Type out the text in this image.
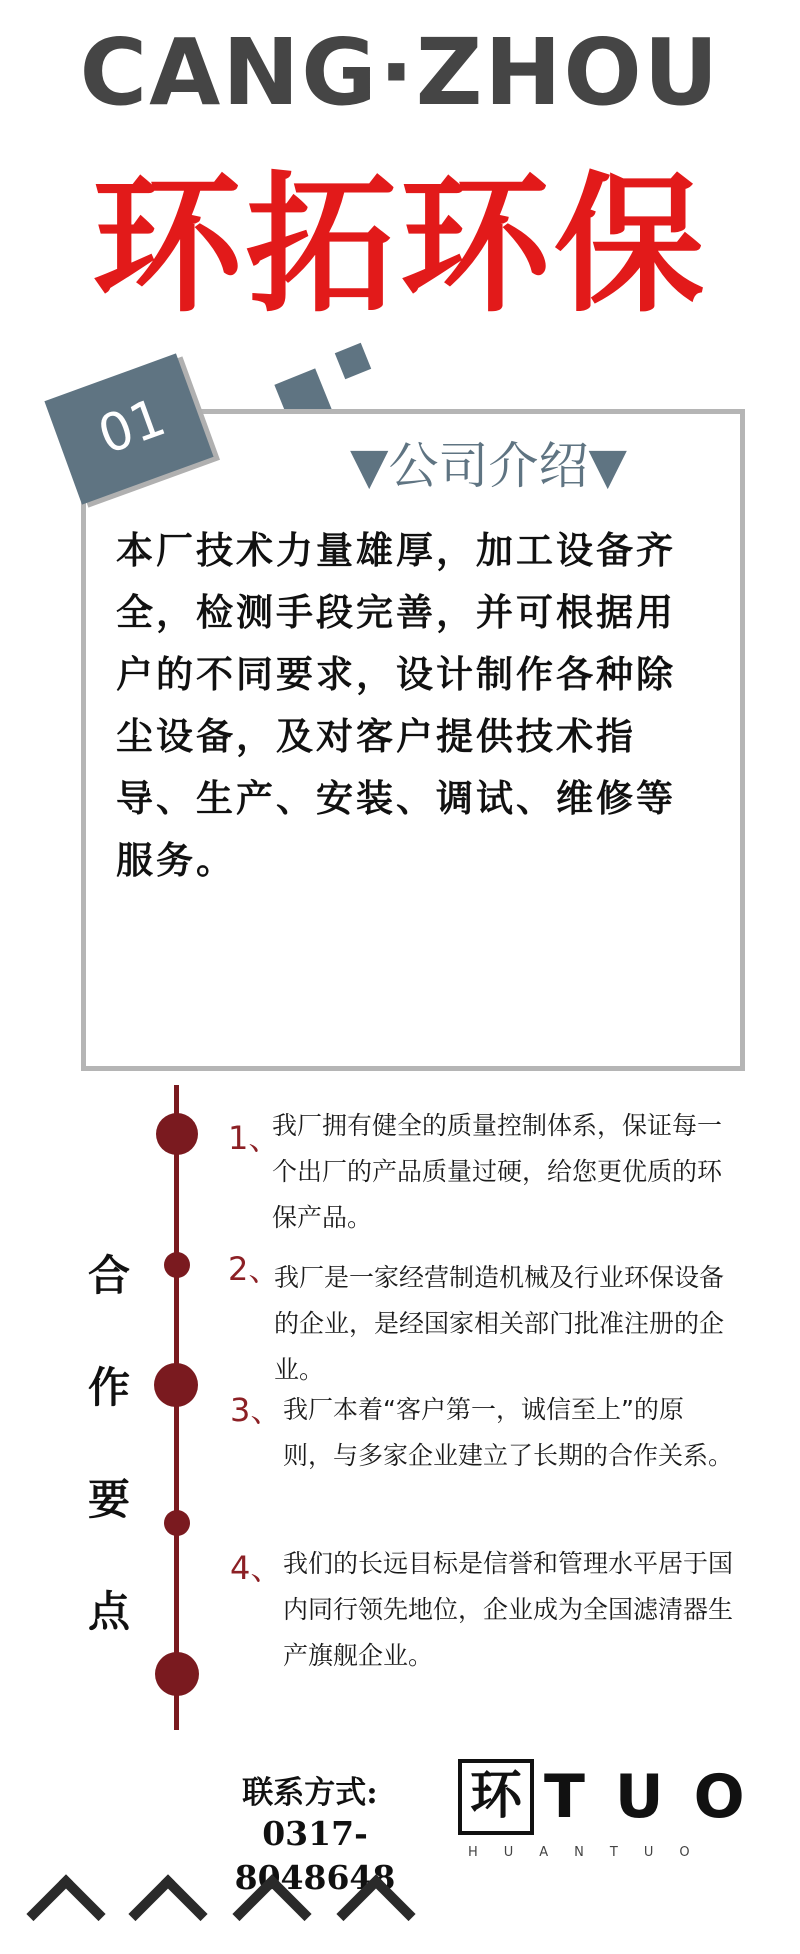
CANG·ZHOU
环拓环保
01	▼公司介绍▼
本厂技术力量雄厚，加工设备齐全，检测手段完善，并可根据用户的不同要求，设计制作各种除尘设备，及对客户提供技术指导、生产、安装、调试、维修等服务。
合
作
要
点
1、
我厂拥有健全的质量控制体系，保证每一个出厂的产品质量过硬，给您更优质的环保产品。
2、
我厂是一家经营制造机械及行业环保设备的企业，是经国家相关部门批准注册的企业。
3、 我厂本着“客户第一，诚信至上”的原则，与多家企业建立了长期的合作关系。
4、 我们的长远目标是信誉和管理水平居于国内同行领先地位，企业成为全国滤清器生产旗舰企业。
联系方式:
0317-8048648
环 TUO
HUANTUO
